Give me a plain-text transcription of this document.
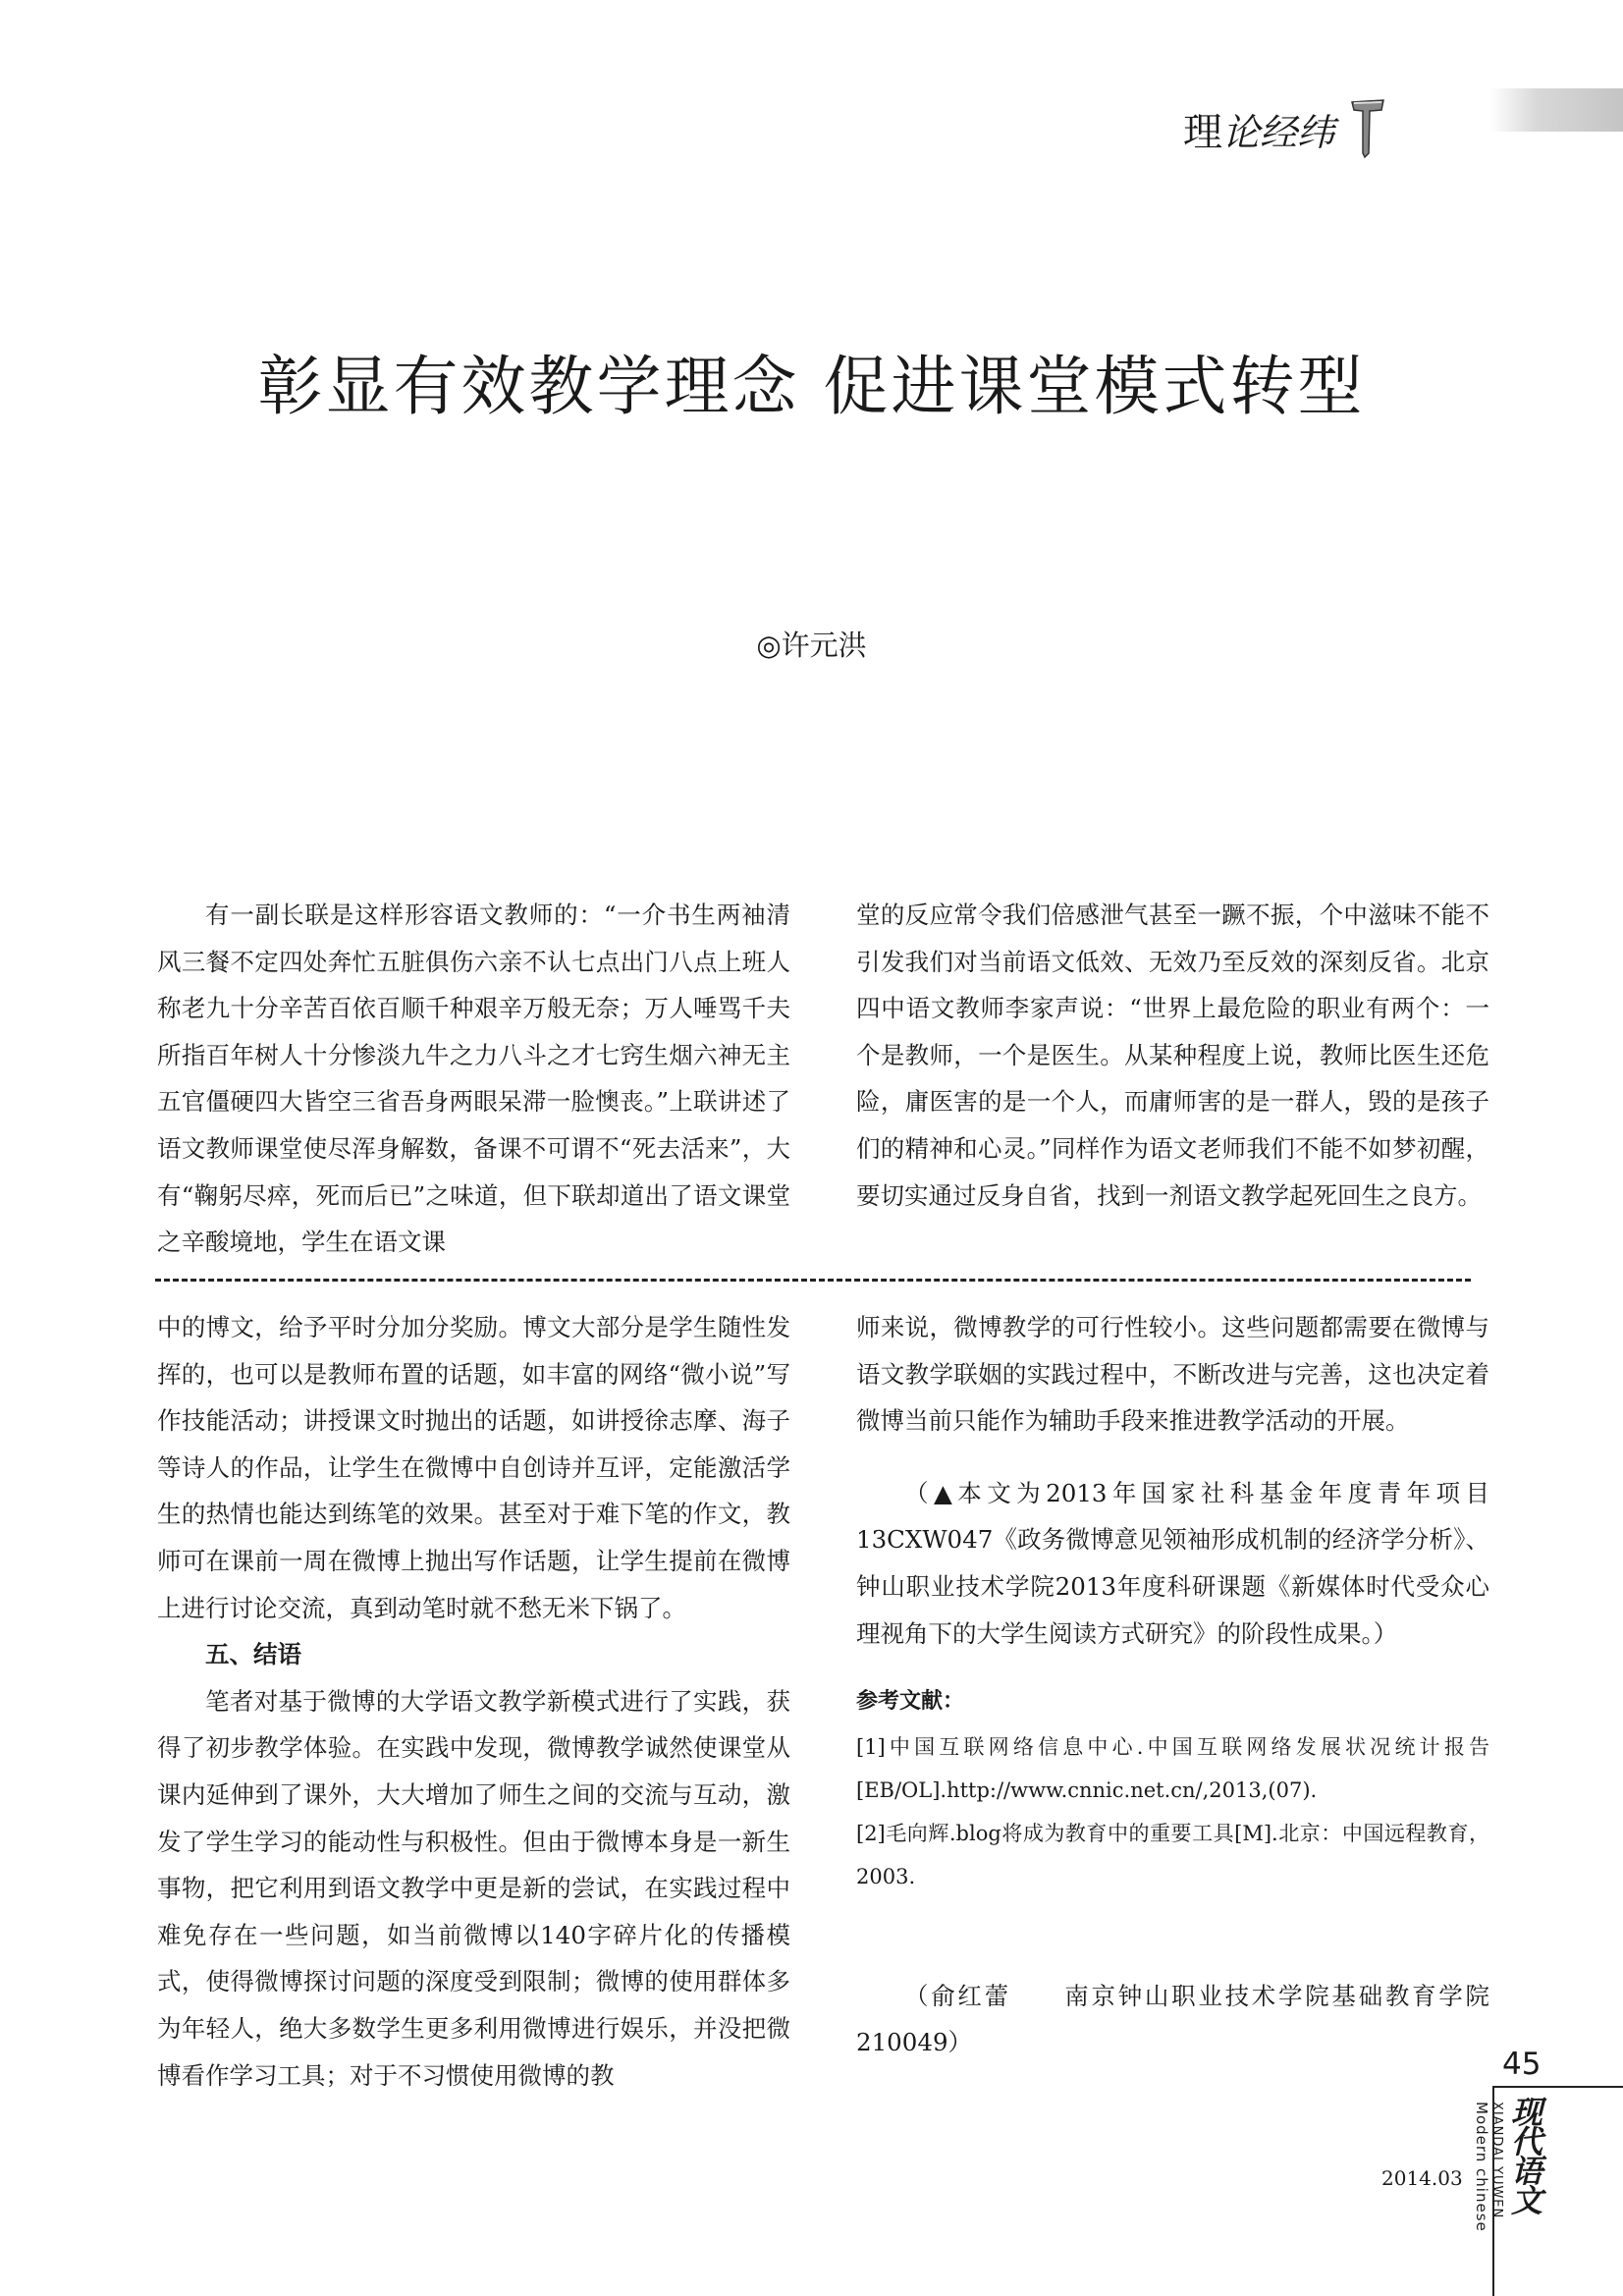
理 论经纬
彰显有效教学理念 促进课堂模式转型
◎许元洪

有一副长联是这样形容语文教师的：“一介书生两袖清风三餐不定四处奔忙五脏俱伤六亲不认七点出门八点上班人称老九十分辛苦百依百顺千种艰辛万般无奈；万人唾骂千夫所指百年树人十分惨淡九牛之力八斗之才七窍生烟六神无主五官僵硬四大皆空三省吾身两眼呆滞一脸懊丧。”上联讲述了语文教师课堂使尽浑身解数，备课不可谓不“死去活来”，大有“鞠躬尽瘁，死而后已”之味道，但下联却道出了语文课堂之辛酸境地，学生在语文课

堂的反应常令我们倍感泄气甚至一蹶不振，个中滋味不能不引发我们对当前语文低效、无效乃至反效的深刻反省。北京四中语文教师李家声说：“世界上最危险的职业有两个：一个是教师，一个是医生。从某种程度上说，教师比医生还危险，庸医害的是一个人，而庸师害的是一群人，毁的是孩子们的精神和心灵。”同样作为语文老师我们不能不如梦初醒，要切实通过反身自省，找到一剂语文教学起死回生之良方。

中的博文，给予平时分加分奖励。博文大部分是学生随性发挥的，也可以是教师布置的话题，如丰富的网络“微小说”写作技能活动；讲授课文时抛出的话题，如讲授徐志摩、海子等诗人的作品，让学生在微博中自创诗并互评，定能激活学生的热情也能达到练笔的效果。甚至对于难下笔的作文，教师可在课前一周在微博上抛出写作话题，让学生提前在微博上进行讨论交流，真到动笔时就不愁无米下锅了。

五、结语

笔者对基于微博的大学语文教学新模式进行了实践，获得了初步教学体验。在实践中发现，微博教学诚然使课堂从课内延伸到了课外，大大增加了师生之间的交流与互动，激发了学生学习的能动性与积极性。但由于微博本身是一新生事物，把它利用到语文教学中更是新的尝试，在实践过程中难免存在一些问题，如当前微博以140字碎片化的传播模式，使得微博探讨问题的深度受到限制；微博的使用群体多为年轻人，绝大多数学生更多利用微博进行娱乐，并没把微博看作学习工具；对于不习惯使用微博的教

师来说，微博教学的可行性较小。这些问题都需要在微博与语文教学联姻的实践过程中，不断改进与完善，这也决定着微博当前只能作为辅助手段来推进教学活动的开展。

（▲本文为2013年国家社科基金年度青年项目13CXW047《政务微博意见领袖形成机制的经济学分析》、钟山职业技术学院2013年度科研课题《新媒体时代受众心理视角下的大学生阅读方式研究》的阶段性成果。）

参考文献：

[1]中国互联网络信息中心.中国互联网络发展状况统计报告[EB/OL].http://www.cnnic.net.cn/,2013,(07).

[2]毛向辉.blog将成为教育中的重要工具[M].北京：中国远程教育，2003.

（俞红蕾　　南京钟山职业技术学院基础教育学院210049）

45
Modern chinese XIANDAI YUWEN 现代语文
2014.03
